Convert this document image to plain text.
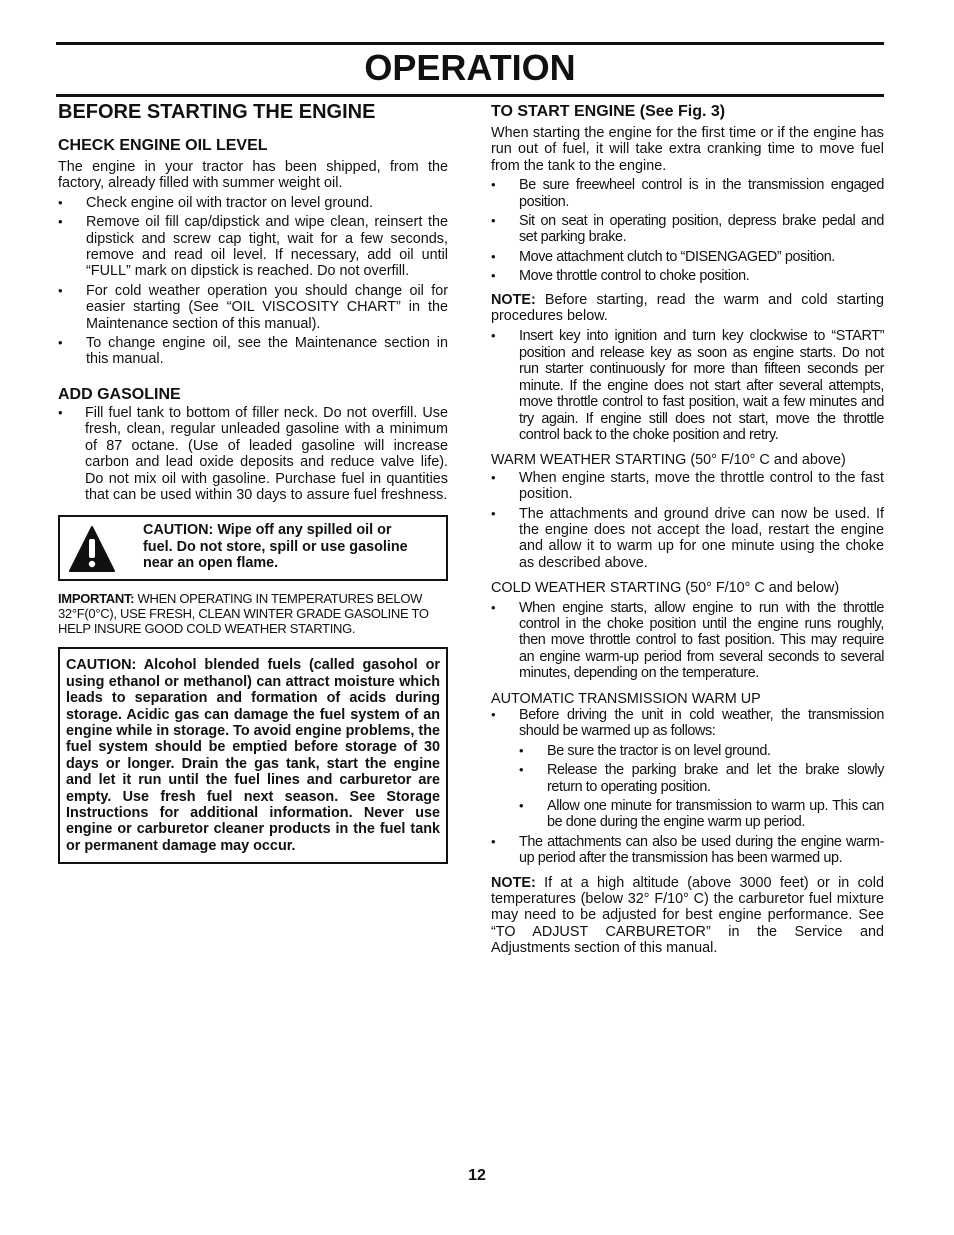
OPERATION
BEFORE STARTING THE ENGINE
CHECK ENGINE OIL LEVEL

The engine in your tractor has been shipped, from the factory, already filled with summer weight oil.

• Check engine oil with tractor on level ground.
• Remove oil fill cap/dipstick and wipe clean, reinsert the dipstick and screw cap tight, wait for a few seconds, remove and read oil level. If necessary, add oil until “FULL” mark on dipstick is reached. Do not overfill.
• For cold weather operation you should change oil for easier starting (See “OIL VISCOSITY CHART” in the Maintenance section of this manual).
• To change engine oil, see the Maintenance section in this manual.
ADD GASOLINE
• Fill fuel tank to bottom of filler neck. Do not overfill. Use fresh, clean, regular unleaded gasoline with a minimum of 87 octane. (Use of leaded gasoline will increase carbon and lead oxide deposits and reduce valve life). Do not mix oil with gasoline. Purchase fuel in quantities that can be used within 30 days to assure fuel freshness.

CAUTION: Wipe off any spilled oil or fuel. Do not store, spill or use gasoline near an open flame.

IMPORTANT: WHEN OPERATING IN TEMPERATURES BELOW 32°F(0°C), USE FRESH, CLEAN WINTER GRADE GASOLINE TO HELP INSURE GOOD COLD WEATHER STARTING.

CAUTION: Alcohol blended fuels (called gasohol or using ethanol or methanol) can attract moisture which leads to separation and formation of acids during storage. Acidic gas can damage the fuel system of an engine while in storage. To avoid engine problems, the fuel system should be emptied before storage of 30 days or longer. Drain the gas tank, start the engine and let it run until the fuel lines and carburetor are empty. Use fresh fuel next season. See Storage Instructions for additional information. Never use engine or carburetor cleaner products in the fuel tank or permanent damage may occur.

TO START ENGINE (See Fig. 3)

When starting the engine for the first time or if the engine has run out of fuel, it will take extra cranking time to move fuel from the tank to the engine.

• Be sure freewheel control is in the transmission engaged position.
• Sit on seat in operating position, depress brake pedal and set parking brake.
• Move attachment clutch to “DISENGAGED” position.
• Move throttle control to choke position.

NOTE: Before starting, read the warm and cold starting procedures below.

• Insert key into ignition and turn key clockwise to “START” position and release key as soon as engine starts. Do not run starter continuously for more than fifteen seconds per minute. If the engine does not start after several attempts, move throttle control to fast position, wait a few minutes and try again. If engine still does not start, move the throttle control back to the choke position and retry.

WARM WEATHER STARTING (50° F/10° C and above)

• When engine starts, move the throttle control to the fast position.
• The attachments and ground drive can now be used. If the engine does not accept the load, restart the engine and allow it to warm up for one minute using the choke as described above.

COLD WEATHER STARTING (50° F/10° C and below)

• When engine starts, allow engine to run with the throttle control in the choke position until the engine runs roughly, then move throttle control to fast position. This may require an engine warm-up period from several seconds to several minutes, depending on the temperature.

AUTOMATIC TRANSMISSION WARM UP

• Before driving the unit in cold weather, the transmission should be warmed up as follows:
• Be sure the tractor is on level ground.
• Release the parking brake and let the brake slowly return to operating position.
• Allow one minute for transmission to warm up. This can be done during the engine warm up period.
• The attachments can also be used during the engine warm-up period after the transmission has been warmed up.

NOTE: If at a high altitude (above 3000 feet) or in cold temperatures (below 32° F/10° C) the carburetor fuel mixture may need to be adjusted for best engine performance. See “TO ADJUST CARBURETOR” in the Service and Adjustments section of this manual.

12
